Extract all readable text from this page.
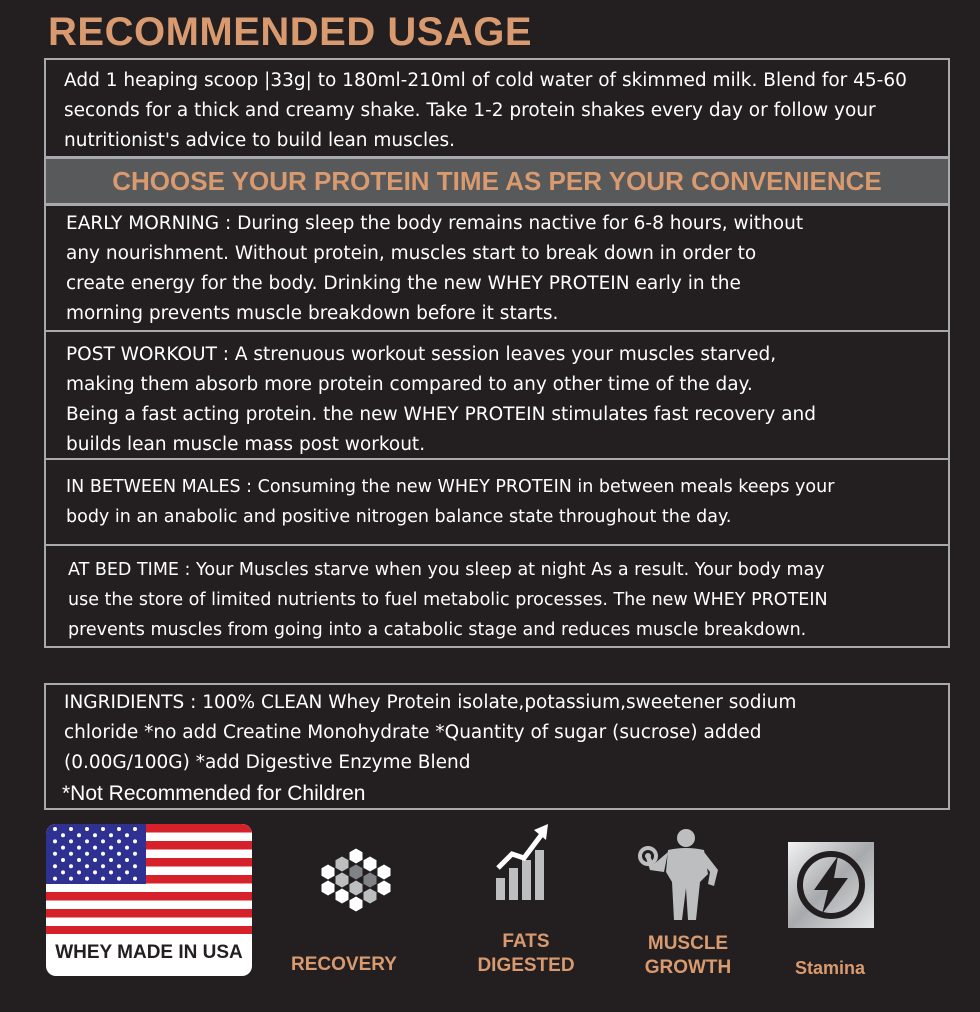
RECOMMENDED USAGE

Add 1 heaping scoop |33g| to 180ml-210ml of cold water of skimmed milk. Blend for 45-60

seconds for a thick and creamy shake. Take 1-2 protein shakes every day or follow your

nutritionist's advice to build lean muscles.

CHOOSE YOUR PROTEIN TIME AS PER YOUR CONVENIENCE

EARLY MORNING : During sleep the body remains nactive for 6-8 hours, without

any nourishment. Without protein, muscles start to break down in order to

create energy for the body. Drinking the new WHEY PROTEIN early in the

morning prevents muscle breakdown before it starts.

POST WORKOUT : A strenuous workout session leaves your muscles starved,

making them absorb more protein compared to any other time of the day.

Being a fast acting protein. the new WHEY PROTEIN stimulates fast recovery and

builds lean muscle mass post workout.

IN BETWEEN MALES : Consuming the new WHEY PROTEIN in between meals keeps your

body in an anabolic and positive nitrogen balance state throughout the day.

AT BED TIME : Your Muscles starve when you sleep at night As a result. Your body may

use the store of limited nutrients to fuel metabolic processes. The new WHEY PROTEIN

prevents muscles from going into a catabolic stage and reduces muscle breakdown.

INGRIDIENTS : 100% CLEAN Whey Protein isolate,potassium,sweetener sodium

chloride *no add Creatine Monohydrate *Quantity of sugar (sucrose) added

(0.00G/100G) *add Digestive Enzyme Blend

*Not Recommended for Children

WHEY MADE IN USA
RECOVERY
FATS
DIGESTED
MUSCLE
GROWTH	Stamina
